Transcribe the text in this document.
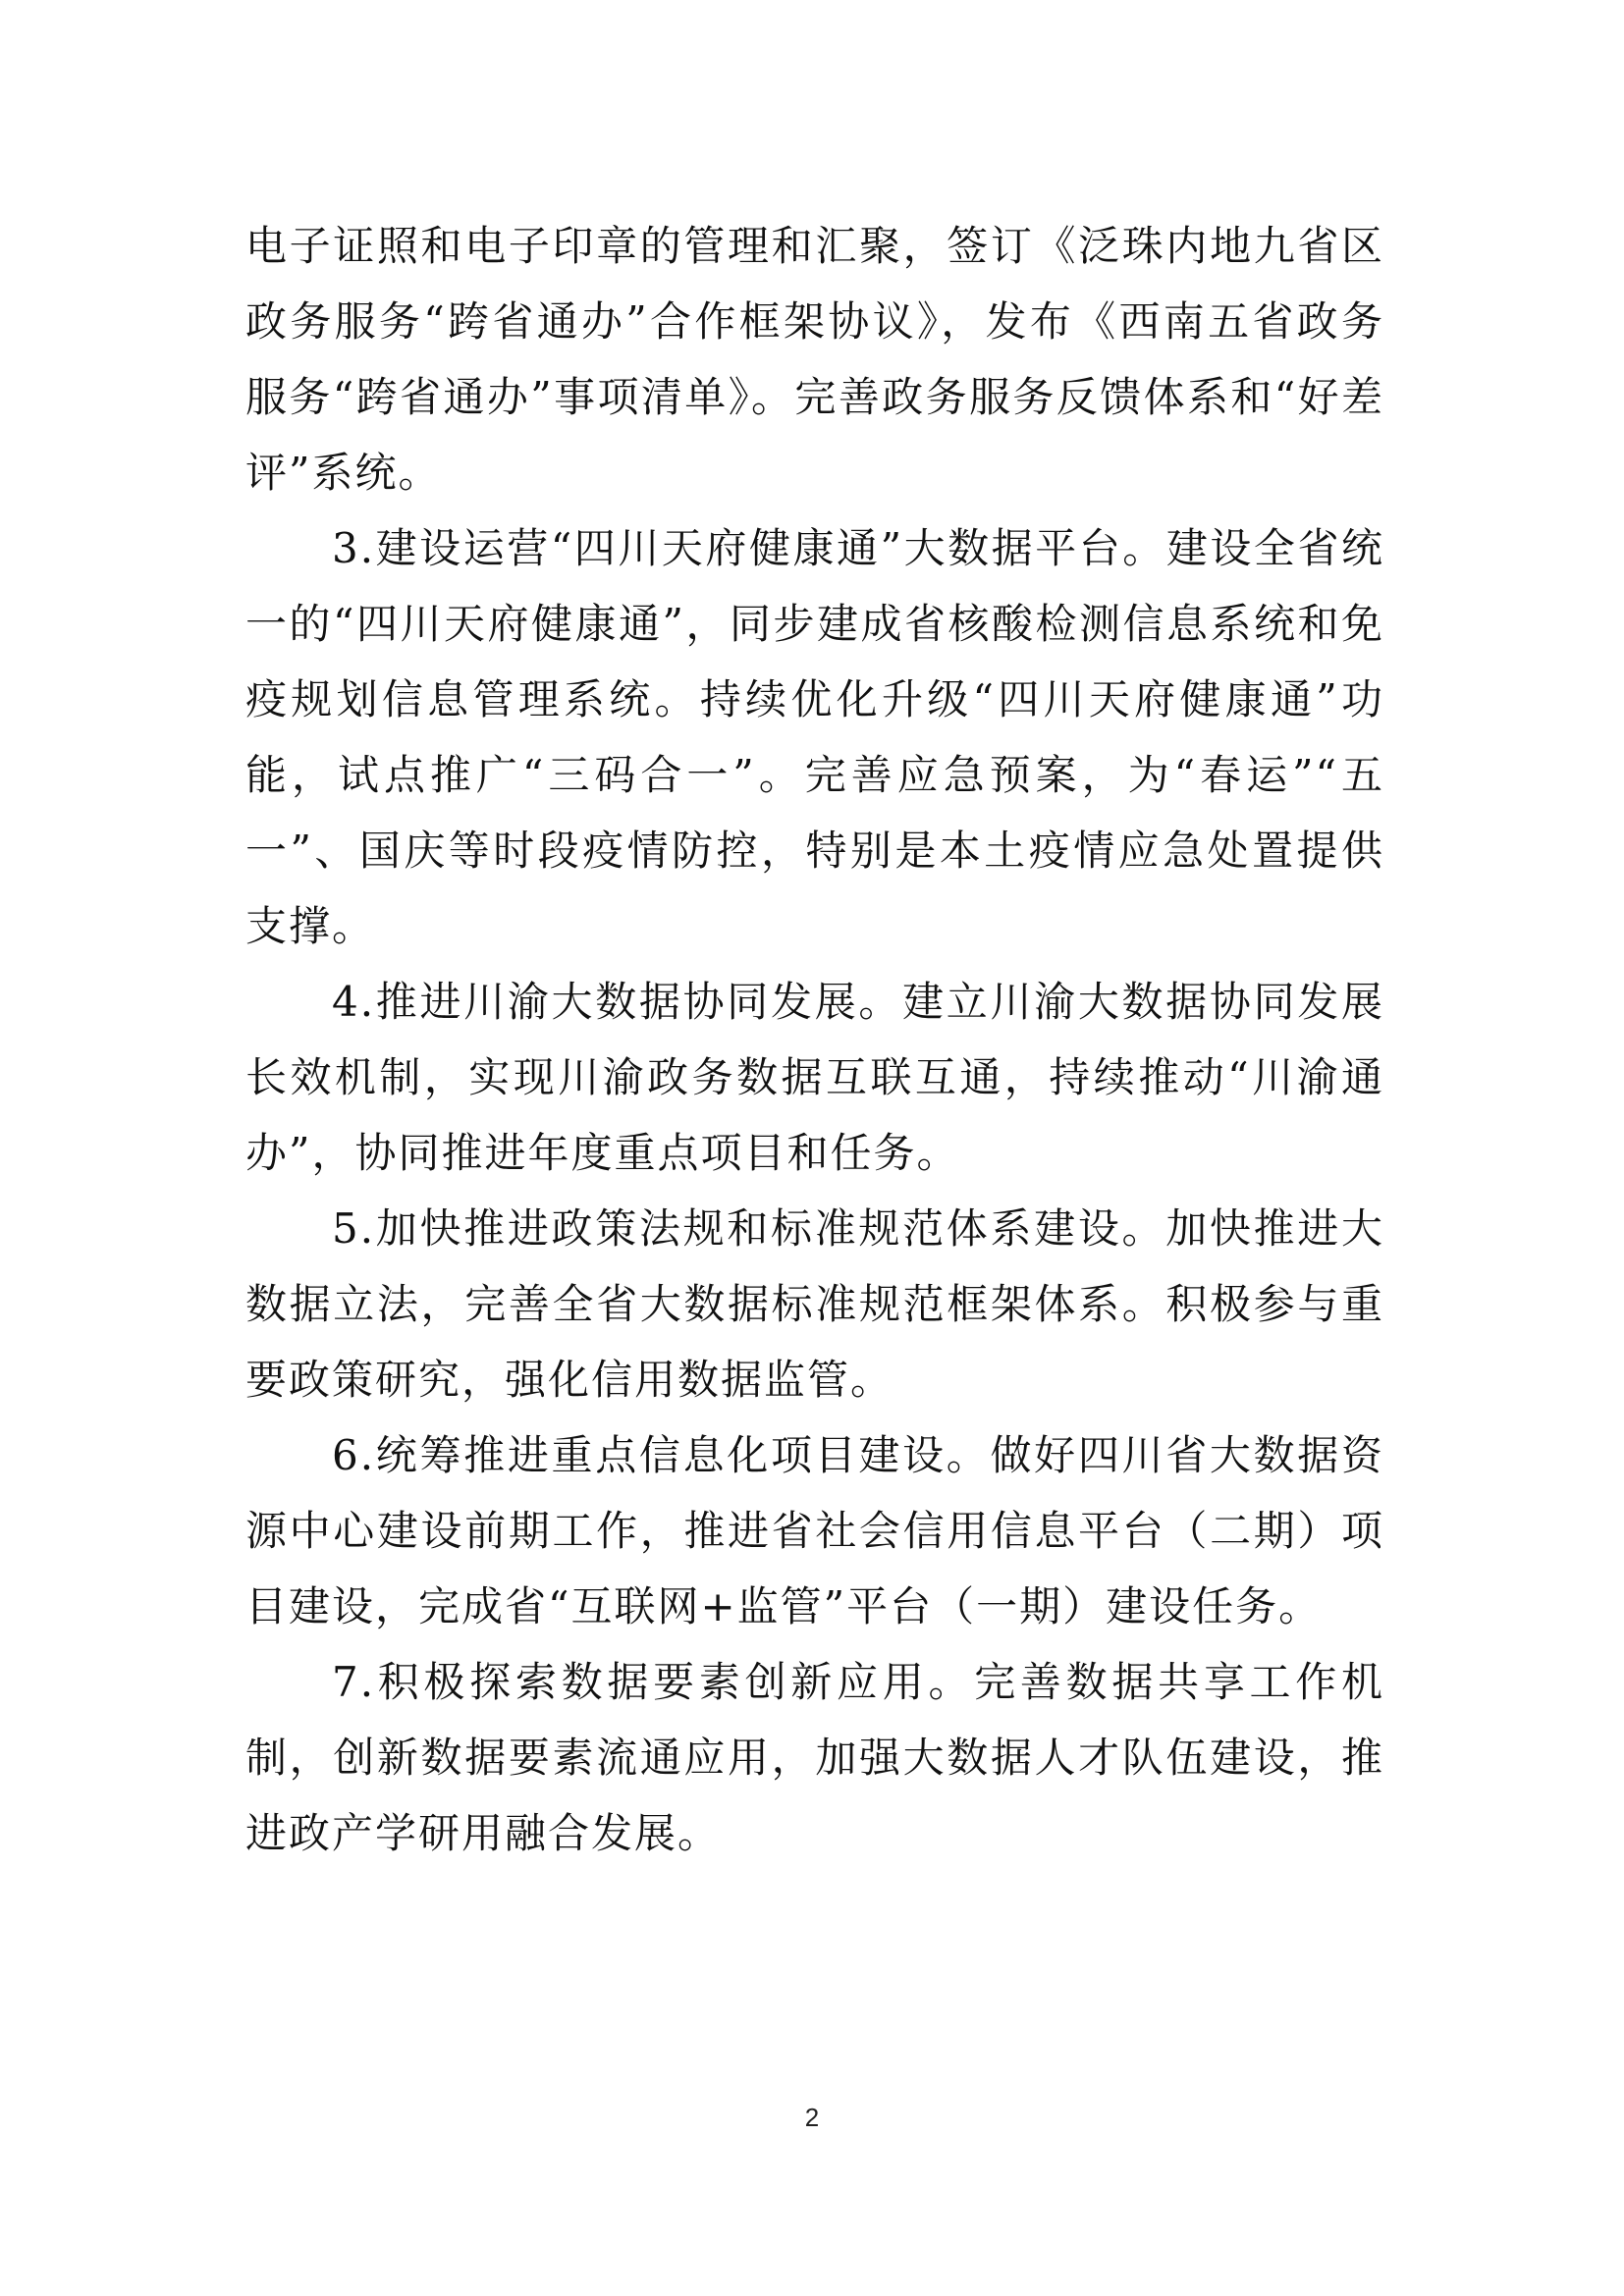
电子证照和电子印章的管理和汇聚，签订《泛珠内地九省区政务服务“跨省通办”合作框架协议》，发布《西南五省政务服务“跨省通办”事项清单》。完善政务服务反馈体系和“好差评”系统。

3.建设运营“四川天府健康通”大数据平台。建设全省统一的“四川天府健康通”，同步建成省核酸检测信息系统和免疫规划信息管理系统。持续优化升级“四川天府健康通”功能，试点推广“三码合一”。完善应急预案，为“春运”“五一”、国庆等时段疫情防控，特别是本土疫情应急处置提供支撑。

4.推进川渝大数据协同发展。建立川渝大数据协同发展长效机制，实现川渝政务数据互联互通，持续推动“川渝通办”，协同推进年度重点项目和任务。

5.加快推进政策法规和标准规范体系建设。加快推进大数据立法，完善全省大数据标准规范框架体系。积极参与重要政策研究，强化信用数据监管。

6.统筹推进重点信息化项目建设。做好四川省大数据资源中心建设前期工作，推进省社会信用信息平台（二期）项目建设，完成省“互联网+监管”平台（一期）建设任务。

7.积极探索数据要素创新应用。完善数据共享工作机制，创新数据要素流通应用，加强大数据人才队伍建设，推进政产学研用融合发展。

2
